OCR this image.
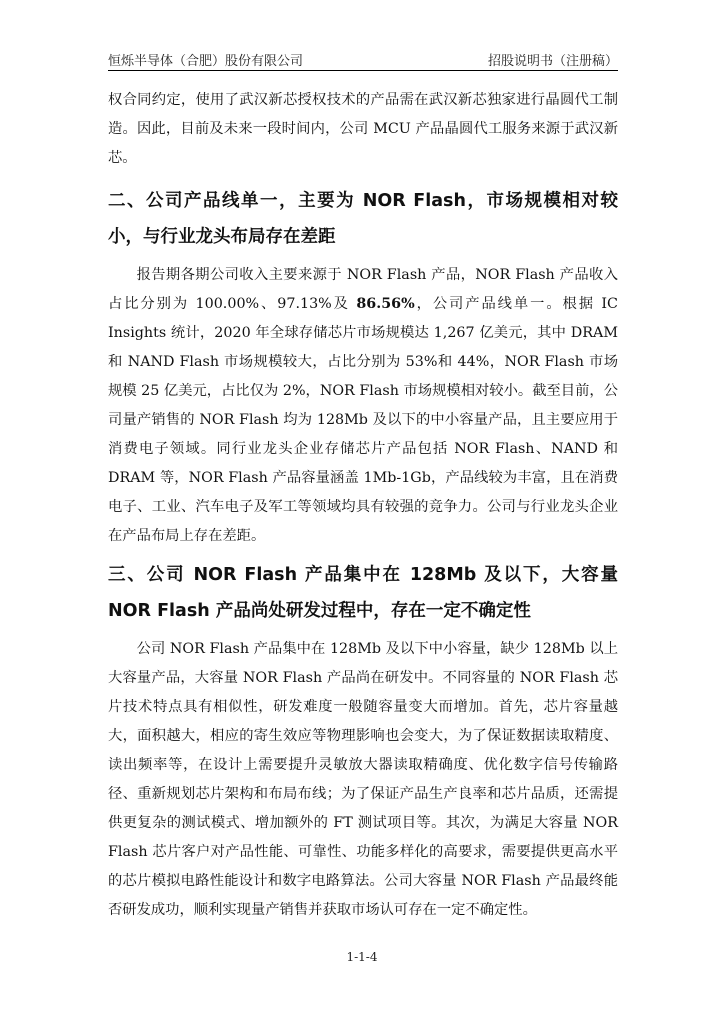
恒烁半导体（合肥）股份有限公司	招股说明书（注册稿）

权合同约定，使用了武汉新芯授权技术的产品需在武汉新芯独家进行晶圆代工制造。因此，目前及未来一段时间内，公司 MCU 产品晶圆代工服务来源于武汉新芯。

二、公司产品线单一，主要为 NOR Flash，市场规模相对较小，与行业龙头布局存在差距

报告期各期公司收入主要来源于 NOR Flash 产品，NOR Flash 产品收入占比分别为 100.00%、97.13%及 86.56%，公司产品线单一。根据 IC Insights 统计，2020 年全球存储芯片市场规模达 1,267 亿美元，其中 DRAM 和 NAND Flash 市场规模较大，占比分别为 53%和 44%，NOR Flash 市场规模 25 亿美元，占比仅为 2%，NOR Flash 市场规模相对较小。截至目前，公司量产销售的 NOR Flash 均为 128Mb 及以下的中小容量产品，且主要应用于消费电子领域。同行业龙头企业存储芯片产品包括 NOR Flash、NAND 和 DRAM 等，NOR Flash 产品容量涵盖 1Mb-1Gb，产品线较为丰富，且在消费电子、工业、汽车电子及军工等领域均具有较强的竞争力。公司与行业龙头企业在产品布局上存在差距。

三、公司 NOR Flash 产品集中在 128Mb 及以下，大容量 NOR Flash 产品尚处研发过程中，存在一定不确定性

公司 NOR Flash 产品集中在 128Mb 及以下中小容量，缺少 128Mb 以上大容量产品，大容量 NOR Flash 产品尚在研发中。不同容量的 NOR Flash 芯片技术特点具有相似性，研发难度一般随容量变大而增加。首先，芯片容量越大，面积越大，相应的寄生效应等物理影响也会变大，为了保证数据读取精度、读出频率等，在设计上需要提升灵敏放大器读取精确度、优化数字信号传输路径、重新规划芯片架构和布局布线；为了保证产品生产良率和芯片品质，还需提供更复杂的测试模式、增加额外的 FT 测试项目等。其次，为满足大容量 NOR Flash 芯片客户对产品性能、可靠性、功能多样化的高要求，需要提供更高水平的芯片模拟电路性能设计和数字电路算法。公司大容量 NOR Flash 产品最终能否研发成功，顺利实现量产销售并获取市场认可存在一定不确定性。

1-1-4
